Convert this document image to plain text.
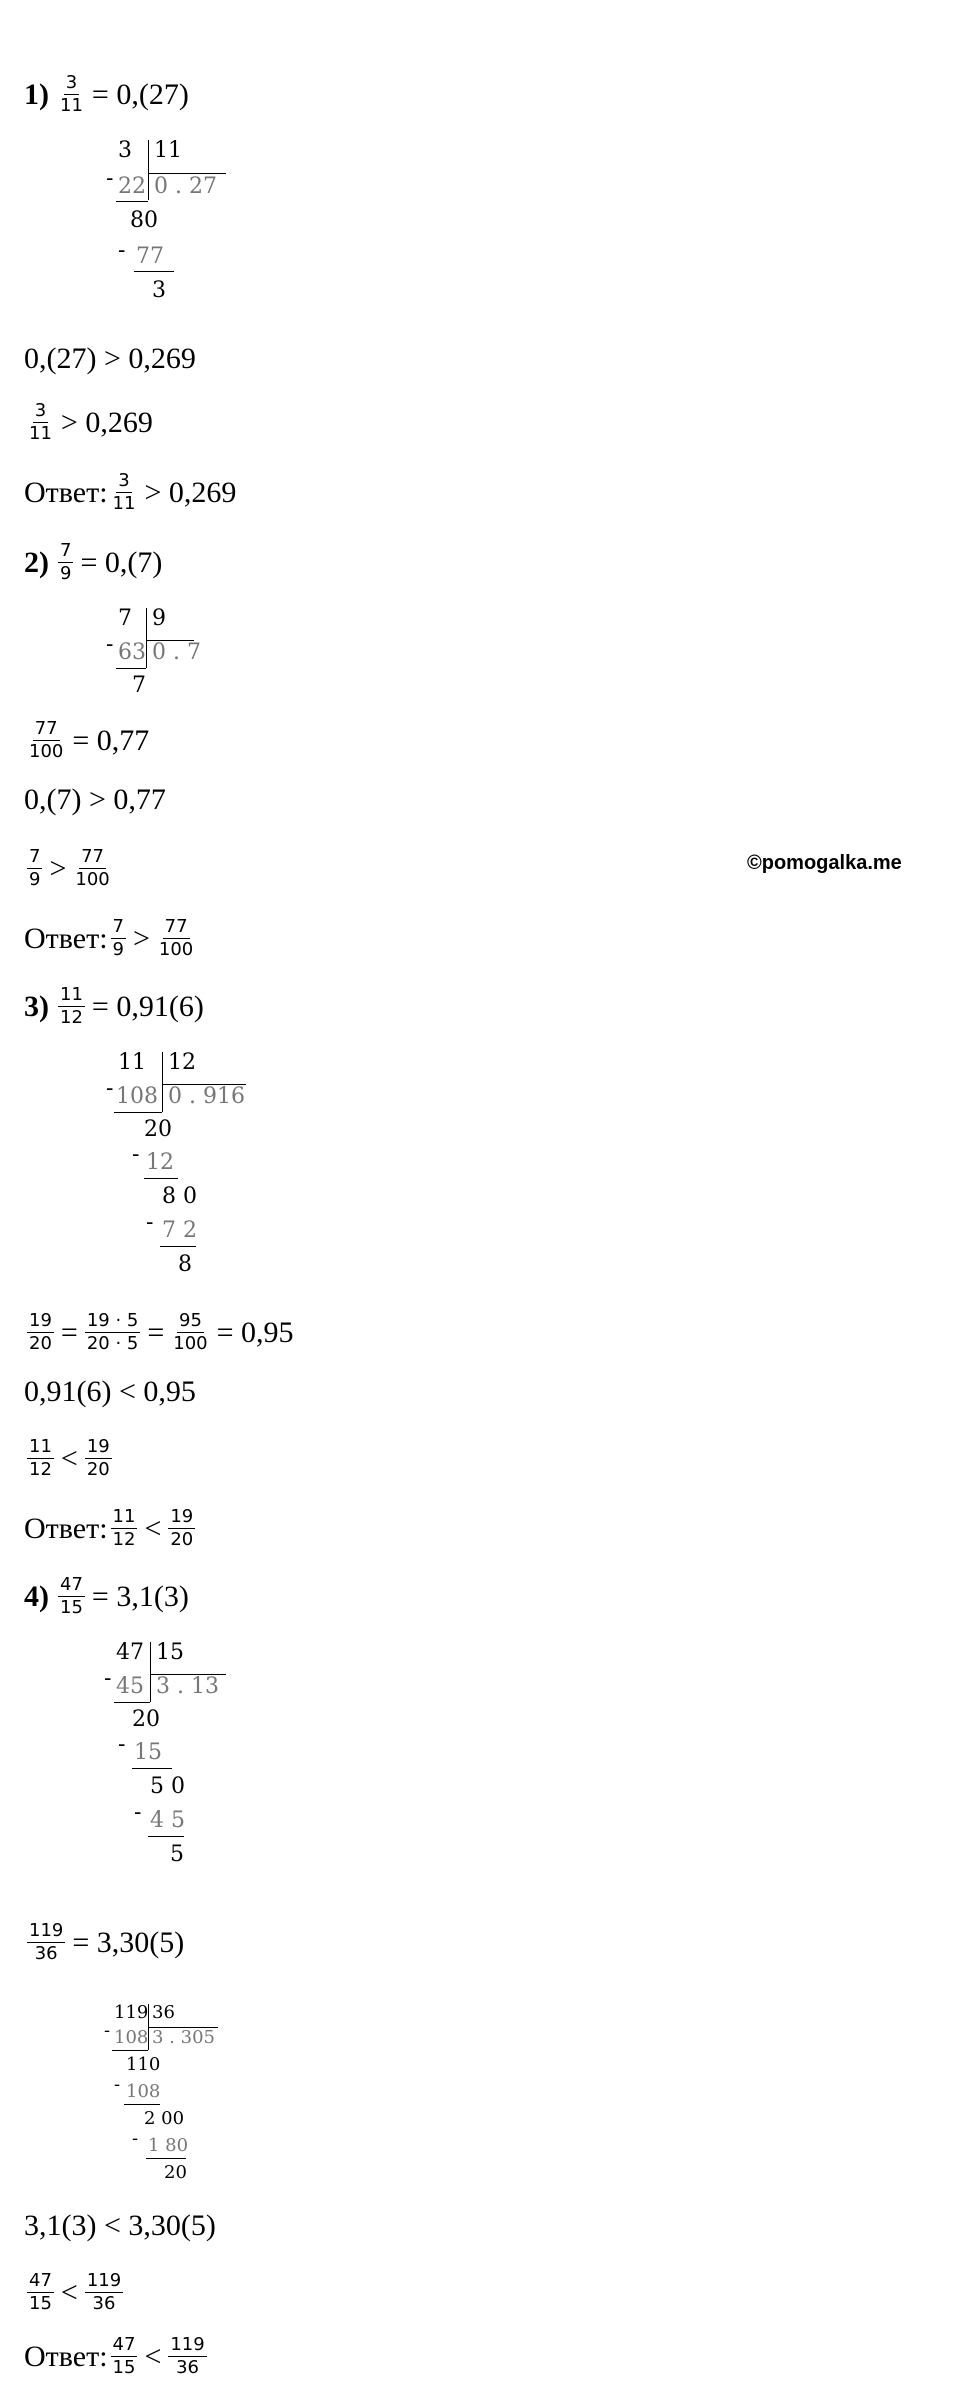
©pomogalka.me
$1) \frac{3}{11} = 0,(27)$
3 11
- 22 0 . 27
80
- 77
3
0,(27) > 0,269
$\frac{3}{11} > 0,269$
Ответ: $\frac{3}{11} > 0,269$
$2) \frac{7}{9} = 0,(7)$
7 9
- 63 0 . 7
7
$\frac{77}{100} = 0,77$
0,(7) > 0,77
$\frac{7}{9} > \frac{77}{100}$
Ответ: $\frac{7}{9} > \frac{77}{100}$
$3) \frac{11}{12} = 0,91(6)$
11 12
- 108 0 . 916
20
- 12
8 0
- 7 2
8
$\frac{19}{20} = \frac{19 \cdot 5}{20 \cdot 5} = \frac{95}{100} = 0,95$
0,91(6) < 0,95
$\frac{11}{12} < \frac{19}{20}$
Ответ: $\frac{11}{12} < \frac{19}{20}$
$4) \frac{47}{15} = 3,1(3)$
47 15
- 45 3 . 13
20
- 15
5 0
- 4 5
5
$\frac{119}{36} = 3,30(5)$
119 36
- 108 3 . 305
110
- 108
2 00
- 1 80
20
3,1(3) < 3,30(5)
$\frac{47}{15} < \frac{119}{36}$
Ответ: $\frac{47}{15} < \frac{119}{36}$
